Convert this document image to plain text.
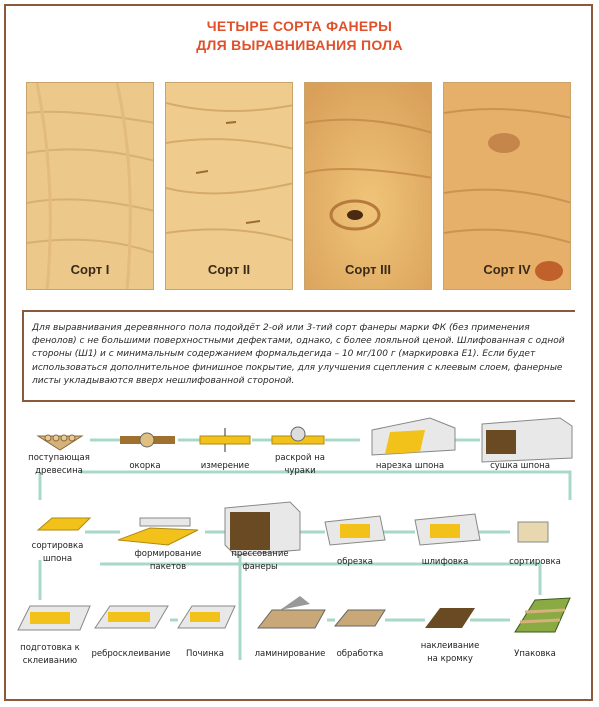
ЧЕТЫРЕ СОРТА ФАНЕРЫ
ДЛЯ ВЫРАВНИВАНИЯ ПОЛА
Сорт I	Сорт II	Сорт III	Сорт IV
Для выравнивания деревянного пола подойдёт 2-ой или 3-тий сорт фанеры марки ФК (без применения фенолов) с не большими поверхностными дефектами, однако, с более лояльной ценой. Шлифованная с одной стороны (Ш1) и с минимальным содержанием формальдегида – 10 мг/100 г (маркировка Е1). Если будет использоваться дополнительное финишное покрытие, для улучшения сцепления с клеевым слоем, фанерные листы укладываются вверх нешлифованной стороной.
поступающая древесина	окорка	измерение
раскрой на чураки	нарезка шпона	сушка шпона
сортировка шпона	формирование пакетов
прессование фанеры	обрезка	шлифовка	сортировка
подготовка к склеиванию
ребросклеивание	Починка	ламинирование	обработка
наклеивание на кромку	Упаковка
